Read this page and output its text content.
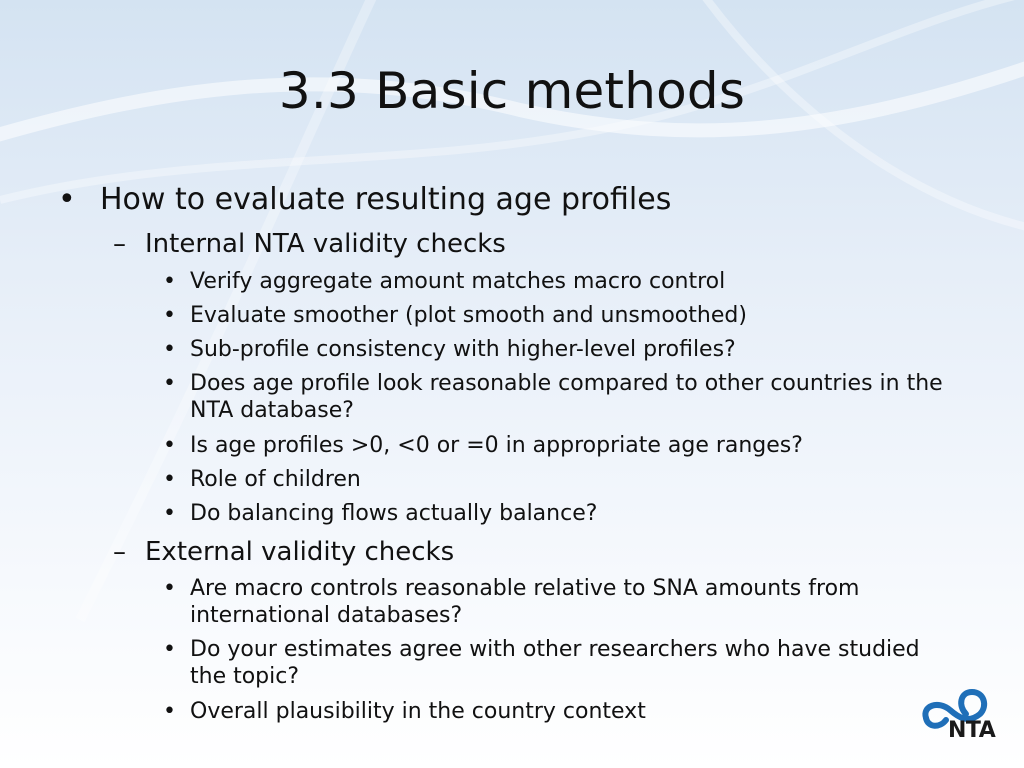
3.3 Basic methods
• How to evaluate resulting age profiles
– Internal NTA validity checks
• Verify aggregate amount matches macro control
• Evaluate smoother (plot smooth and unsmoothed)
• Sub-profile consistency with higher-level profiles?
• Does age profile look reasonable compared to other countries in the NTA database?
• Is age profiles >0, <0 or =0 in appropriate age ranges?
• Role of children
• Do balancing flows actually balance?
– External validity checks
• Are macro controls reasonable relative to SNA amounts from international databases?
• Do your estimates agree with other researchers who have studied the topic?
• Overall plausibility in the country context
NTA
